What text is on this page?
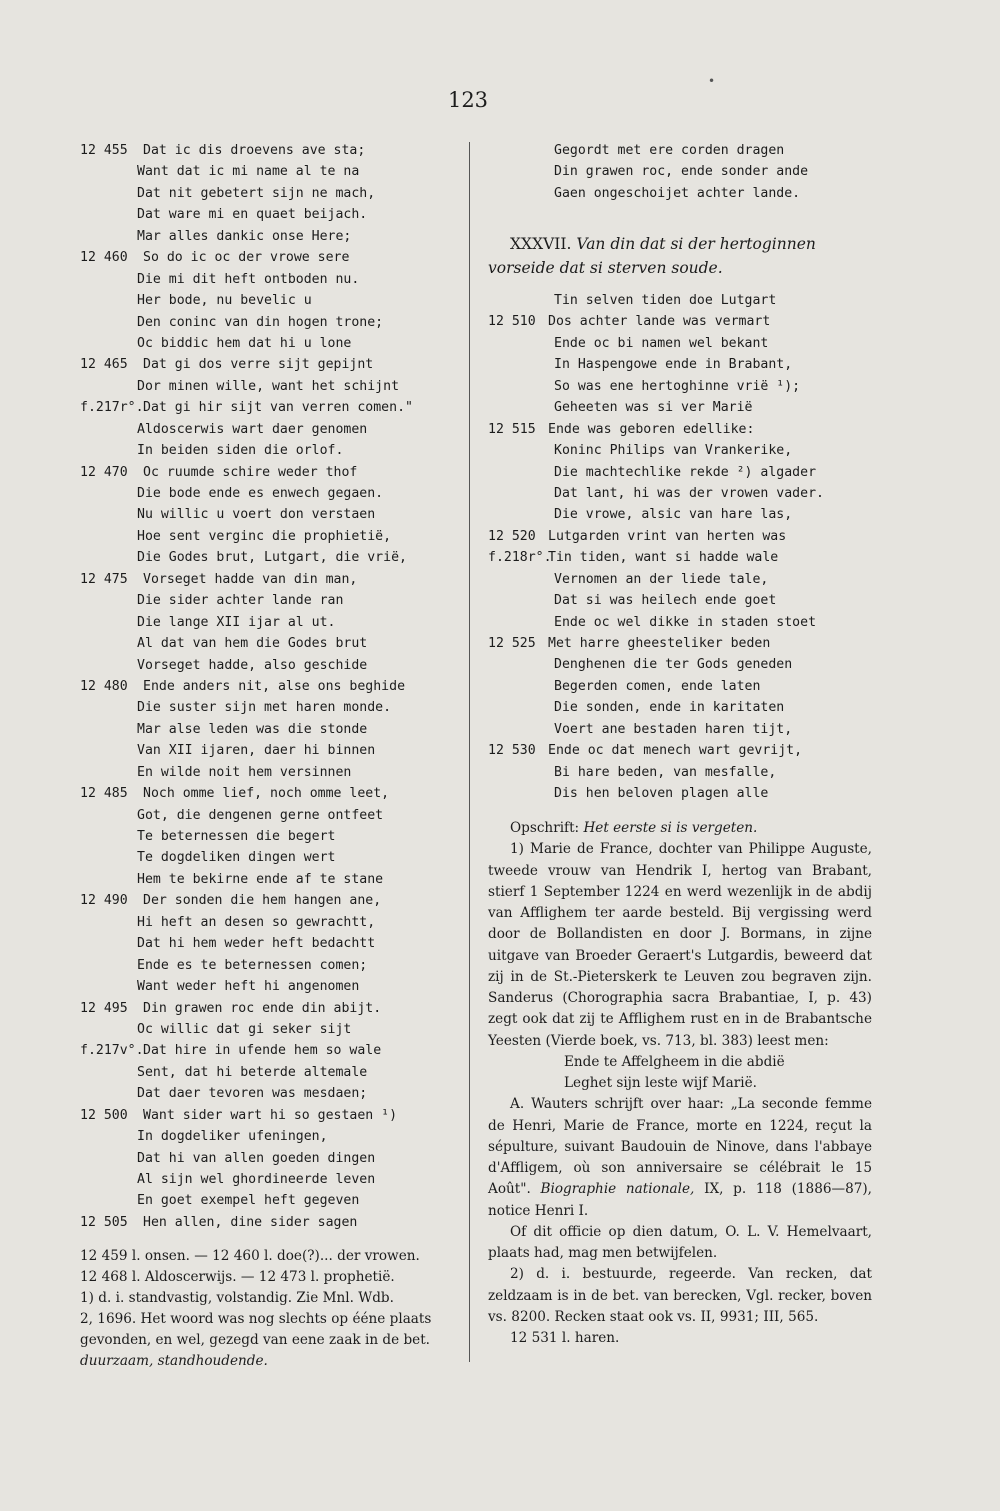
•
123
12 455 Dat ic dis droevens ave sta;
Want dat ic mi name al te na
Dat nit gebetert sijn ne mach,
Dat ware mi en quaet beijach.
Mar alles dankic onse Here;
12 460 So do ic oc der vrowe sere
Die mi dit heft ontboden nu.
Her bode, nu bevelic u
Den coninc van din hogen trone;
Oc biddic hem dat hi u lone
12 465 Dat gi dos verre sijt gepijnt
Dor minen wille, want het schijnt
f.217r°. Dat gi hir sijt van verren comen."
Aldoscerwis wart daer genomen
In beiden siden die orlof.
12 470 Oc ruumde schire weder thof
Die bode ende es enwech gegaen.
Nu willic u voert don verstaen
Hoe sent verginc die prophietië,
Die Godes brut, Lutgart, die vrië,
12 475 Vorseget hadde van din man,
Die sider achter lande ran
Die lange XII ijar al ut.
Al dat van hem die Godes brut
Vorseget hadde, also geschide
12 480 Ende anders nit, alse ons beghide
Die suster sijn met haren monde.
Mar alse leden was die stonde
Van XII ijaren, daer hi binnen
En wilde noit hem versinnen
12 485 Noch omme lief, noch omme leet,
Got, die dengenen gerne ontfeet
Te beternessen die begert
Te dogdeliken dingen wert
Hem te bekirne ende af te stane
12 490 Der sonden die hem hangen ane,
Hi heft an desen so gewrachtt,
Dat hi hem weder heft bedachtt
Ende es te beternessen comen;
Want weder heft hi angenomen
12 495 Din grawen roc ende din abijt.
Oc willic dat gi seker sijt
f.217v°. Dat hire in ufende hem so wale
Sent, dat hi beterde altemale
Dat daer tevoren was mesdaen;
12 500 Want sider wart hi so gestaen ¹)
In dogdeliker ufeningen,
Dat hi van allen goeden dingen
Al sijn wel ghordineerde leven
En goet exempel heft gegeven
12 505 Hen allen, dine sider sagen
12 459 l. onsen. — 12 460 l. doe(?)... der vrowen.
12 468 l. Aldoscerwijs. — 12 473 l. prophetië.
1) d. i. standvastig, volstandig. Zie Mnl. Wdb.
2, 1696. Het woord was nog slechts op ééne plaats
gevonden, en wel, gezegd van eene zaak in de bet.
duurzaam, standhoudende.
Gegordt met ere corden dragen
Din grawen roc, ende sonder ande
Gaen ongeschoijet achter lande.
XXXVII. Van din dat si der hertoginnen
vorseide dat si sterven soude.
Tin selven tiden doe Lutgart
12 510 Dos achter lande was vermart
Ende oc bi namen wel bekant
In Haspengowe ende in Brabant,
So was ene hertoghinne vrië ¹);
Geheeten was si ver Marië
12 515 Ende was geboren edellike:
Koninc Philips van Vrankerike,
Die machtechlike rekde ²) algader
Dat lant, hi was der vrowen vader.
Die vrowe, alsic van hare las,
12 520 Lutgarden vrint van herten was
f.218r°.
Tin tiden, want si hadde wale
Vernomen an der liede tale,
Dat si was heilech ende goet
Ende oc wel dikke in staden stoet
12 525 Met harre gheesteliker beden
Denghenen die ter Gods geneden
Begerden comen, ende laten
Die sonden, ende in karitaten
Voert ane bestaden haren tijt,
12 530 Ende oc dat menech wart gevrijt,
Bi hare beden, van mesfalle,
Dis hen beloven plagen alle

Opschrift: Het eerste si is vergeten.

1) Marie de France, dochter van Philippe Auguste, tweede vrouw van Hendrik I, hertog van Brabant, stierf 1 September 1224 en werd wezenlijk in de abdij van Afflighem ter aarde besteld. Bij vergissing werd door de Bollandisten en door J. Bormans, in zijne uitgave van Broeder Geraert's Lutgardis, beweerd dat zij in de St.-Pieterskerk te Leuven zou begraven zijn. Sanderus (Chorographia sacra Brabantiae, I, p. 43) zegt ook dat zij te Afflighem rust en in de Brabantsche Yeesten (Vierde boek, vs. 713, bl. 383) leest men:

Ende te Affelgheem in die abdië

Leghet sijn leste wijf Marië.

A. Wauters schrijft over haar: „La seconde femme de Henri, Marie de France, morte en 1224, reçut la sépulture, suivant Baudouin de Ninove, dans l'abbaye d'Affligem, où son anniversaire se célébrait le 15 Août". Biographie nationale, IX, p. 118 (1886—87), notice Henri I.

Of dit officie op dien datum, O. L. V. Hemelvaart, plaats had, mag men betwijfelen.

2) d. i. bestuurde, regeerde. Van recken, dat zeldzaam is in de bet. van berecken, Vgl. recker, boven vs. 8200. Recken staat ook vs. II, 9931; III, 565.

12 531 l. haren.
